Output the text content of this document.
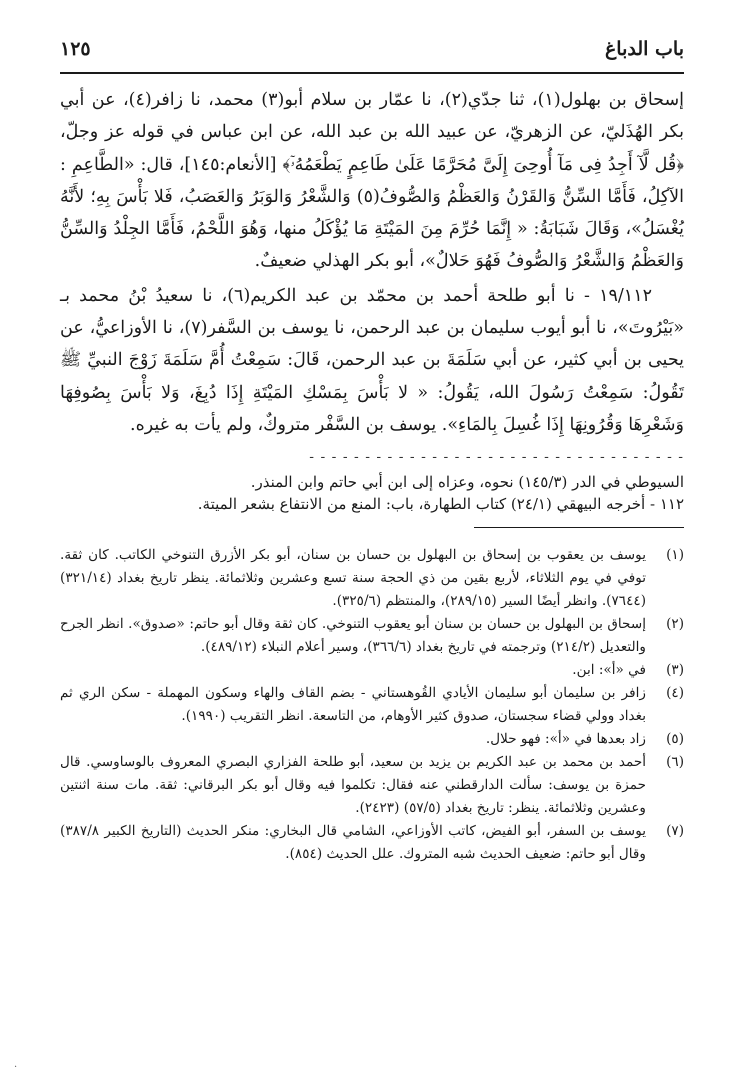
باب الدباغ
١٢٥

إسحاق بن بهلول(١)، ثنا جدّي(٢)، نا عمّار بن سلام أبو(٣) محمد، نا زافر(٤)، عن أبي بكر الهُذَليّ، عن الزهريّ، عن عبيد الله بن عبد الله، عن ابن عباس في قوله عز وجلّ، ﴿قُل لَّآ أَجِدُ فِى مَآ أُوحِىَ إِلَىَّ مُحَرَّمًا عَلَىٰ طَاعِمٍ يَطْعَمُهُۥٓ﴾ [الأنعام:١٤٥]، قال: «الطَّاعِمِ : الآكِلُ، فَأَمَّا السِّنُّ وَالقَرْنُ وَالعَظْمُ وَالصُّوفُ(٥) وَالشَّعْرُ وَالوَبَرُ وَالعَصَبُ، فَلا بَأْسَ بِهِ؛ لأَنَّهُ يُغْسَلُ»، وَقَالَ شَبَابَةُ: « إِنَّمَا حُرِّمَ مِنَ المَيْتَةِ مَا يُؤْكَلُ منها، وَهُوَ اللَّحْمُ، فَأَمَّا الجِلْدُ وَالسِّنُّ وَالعَظْمُ وَالشَّعْرُ وَالصُّوفُ فَهُوَ حَلالٌ»، أبو بكر الهذلي ضعيفٌ.

١٩/١١٢ - نا أبو طلحة أحمد بن محمّد بن عبد الكريم(٦)، نا سعيدُ بْنُ محمد بـ «بَيْرُوتَ»، نا أبو أيوب سليمان بن عبد الرحمن، نا يوسف بن السَّفر(٧)، نا الأوزاعيُّ، عن يحيى بن أبي كثير، عن أبي سَلَمَةَ بن عبد الرحمن، قَالَ: سَمِعْتُ أُمَّ سَلَمَةَ زَوْجَ النبيِّ ﷺ تَقُولُ: سَمِعْتُ رَسُولَ الله، يَقُولُ: « لا بَأْسَ بِمَسْكِ المَيْتَةِ إِذَا دُبِغَ، وَلا بَأْسَ بِصُوفِهَا وَشَعْرِهَا وَقُرُونِهَا إِذَا غُسِلَ بِالمَاءِ». يوسف بن السَّفْر متروكٌ، ولم يأت به غيره.

- - - - - - - - - - - - - - - - - - - - - - - - - - - - - - - - - -

السيوطي في الدر (١٤٥/٣) نحوه، وعزاه إلى ابن أبي حاتم وابن المنذر.

١١٢ - أخرجه البيهقي (٢٤/١) كتاب الطهارة، باب: المنع من الانتفاع بشعر الميتة.

(١)
يوسف بن يعقوب بن إسحاق بن البهلول بن حسان بن سنان، أبو بكر الأزرق التنوخي الكاتب. كان ثقة. توفي في يوم الثلاثاء، لأربع بقين من ذي الحجة سنة تسع وعشرين وثلاثمائة. ينظر تاريخ بغداد (٣٢١/١٤) (٧٦٤٤). وانظر أيضًا السير (٢٨٩/١٥)، والمنتظم (٣٢٥/٦).
(٢)
إسحاق بن البهلول بن حسان بن سنان أبو يعقوب التنوخي. كان ثقة وقال أبو حاتم: «صدوق». انظر الجرح والتعديل (٢١٤/٢) وترجمته في تاريخ بغداد (٣٦٦/٦)، وسير أعلام النبلاء (٤٨٩/١٢).
(٣)
في «أ»: ابن.
(٤)
زافر بن سليمان أبو سليمان الأيادي القُوهستاني - بضم القاف والهاء وسكون المهملة - سكن الري ثم بغداد وولي قضاء سجستان، صدوق كثير الأوهام، من التاسعة. انظر التقريب (١٩٩٠).
(٥)
زاد بعدها في «أ»: فهو حلال.
(٦)
أحمد بن محمد بن عبد الكريم بن يزيد بن سعيد، أبو طلحة الفزاري البصري المعروف بالوساوسي. قال حمزة بن يوسف: سألت الدارقطني عنه فقال: تكلموا فيه وقال أبو بكر البرقاني: ثقة. مات سنة اثنتين وعشرين وثلاثمائة. ينظر: تاريخ بغداد (٥٧/٥) (٢٤٢٣).
(٧)
يوسف بن السفر، أبو الفيض، كاتب الأوزاعي، الشامي قال البخاري: منكر الحديث (التاريخ الكبير ٣٨٧/٨) وقال أبو حاتم: ضعيف الحديث شبه المتروك. علل الحديث (٨٥٤).
·
